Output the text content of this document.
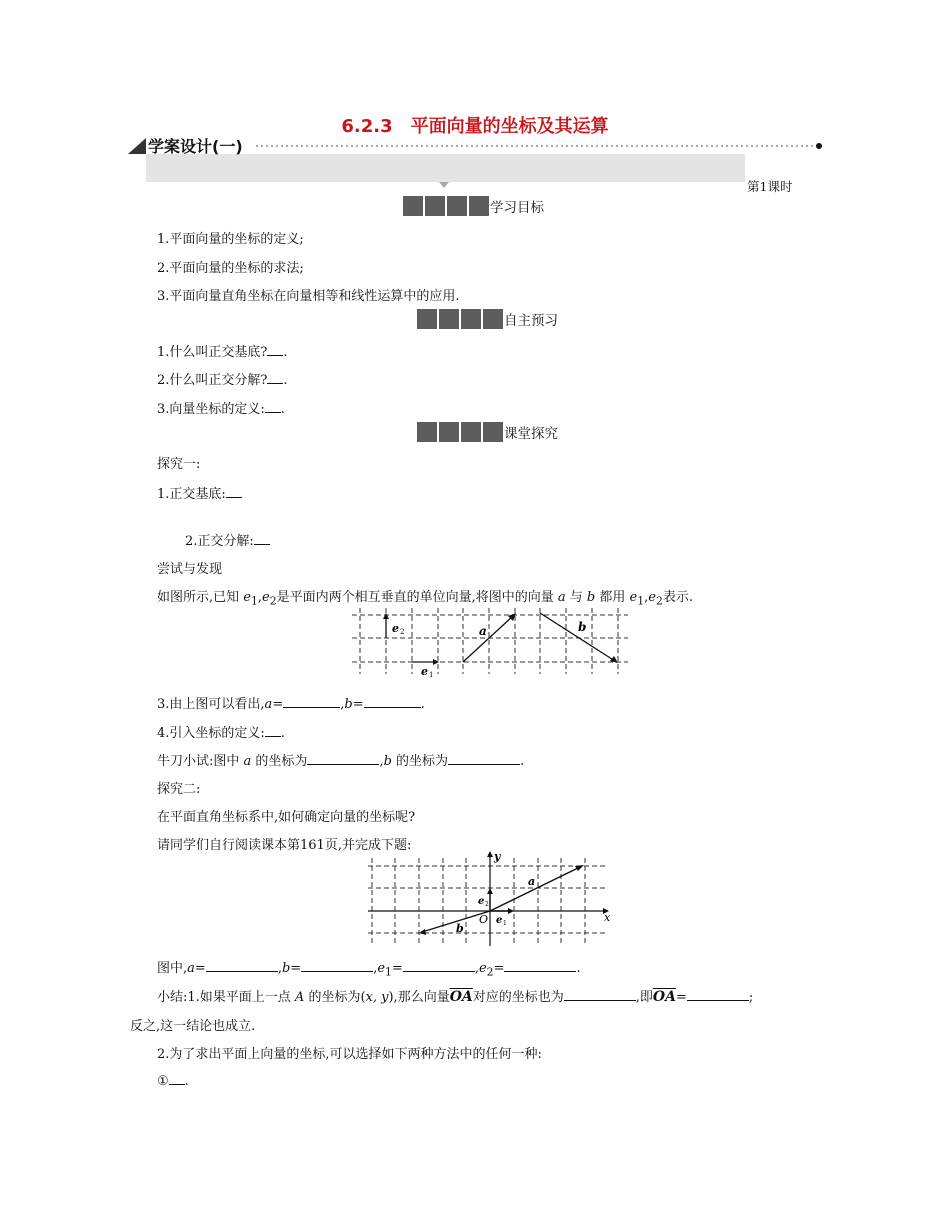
6.2.3 平面向量的坐标及其运算
学案设计(一)
第1课时
学习目标
1.平面向量的坐标的定义;
2.平面向量的坐标的求法;
3.平面向量直角坐标在向量相等和线性运算中的应用.
自主预习
1.什么叫正交基底? .
2.什么叫正交分解? .
3.向量坐标的定义: .
课堂探究
探究一:
1.正交基底:
2.正交分解:
尝试与发现
如图所示,已知 $e_1,e_2$是平面内两个相互垂直的单位向量,将图中的向量 a 与 b 都用 $e_1,e_2$表示.
e 2
e 1
a	b
3.由上图可以看出,a=	,b=	.
4.引入坐标的定义: .
牛刀小试:图中 a 的坐标为	,b 的坐标为	.
探究二:
在平面直角坐标系中,如何确定向量的坐标呢?
请同学们自行阅读课本第161页,并完成下题:
y
x
O
e 2
e 1
a
b
图中,a=	,b=	$,e_1=$	$,e_2=$	.
小结:1.如果平面上一点 A 的坐标为(x, y),那么向量$\overline{OA}$对应的坐标也为	,即$\overline{OA}=$	;
反之,这一结论也成立.
2.为了求出平面上向量的坐标,可以选择如下两种方法中的任何一种:
① .
